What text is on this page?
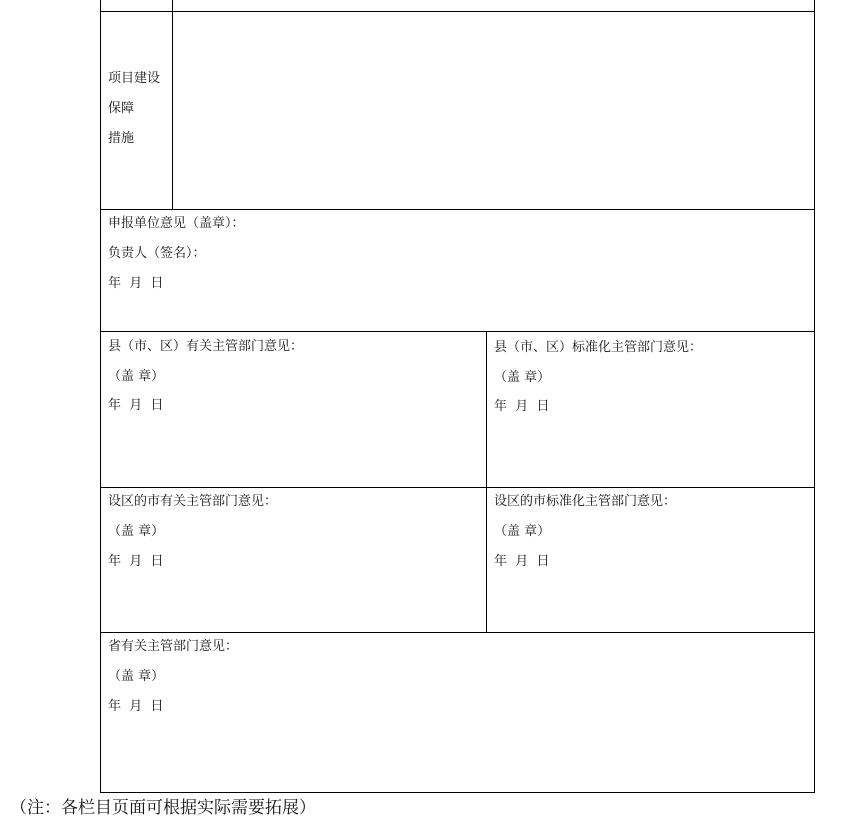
项目建设
保障
措施
申报单位意见（盖章）：
负责人（签名）：
年  月  日
县（市、区）有关主管部门意见：
（盖 章）
年  月  日
县（市、区）标准化主管部门意见：
（盖 章）
年  月  日
设区的市有关主管部门意见：
（盖 章）
年  月  日
设区的市标准化主管部门意见：
（盖 章）
年  月  日
省有关主管部门意见：
（盖 章）
年  月  日
（注：各栏目页面可根据实际需要拓展）
